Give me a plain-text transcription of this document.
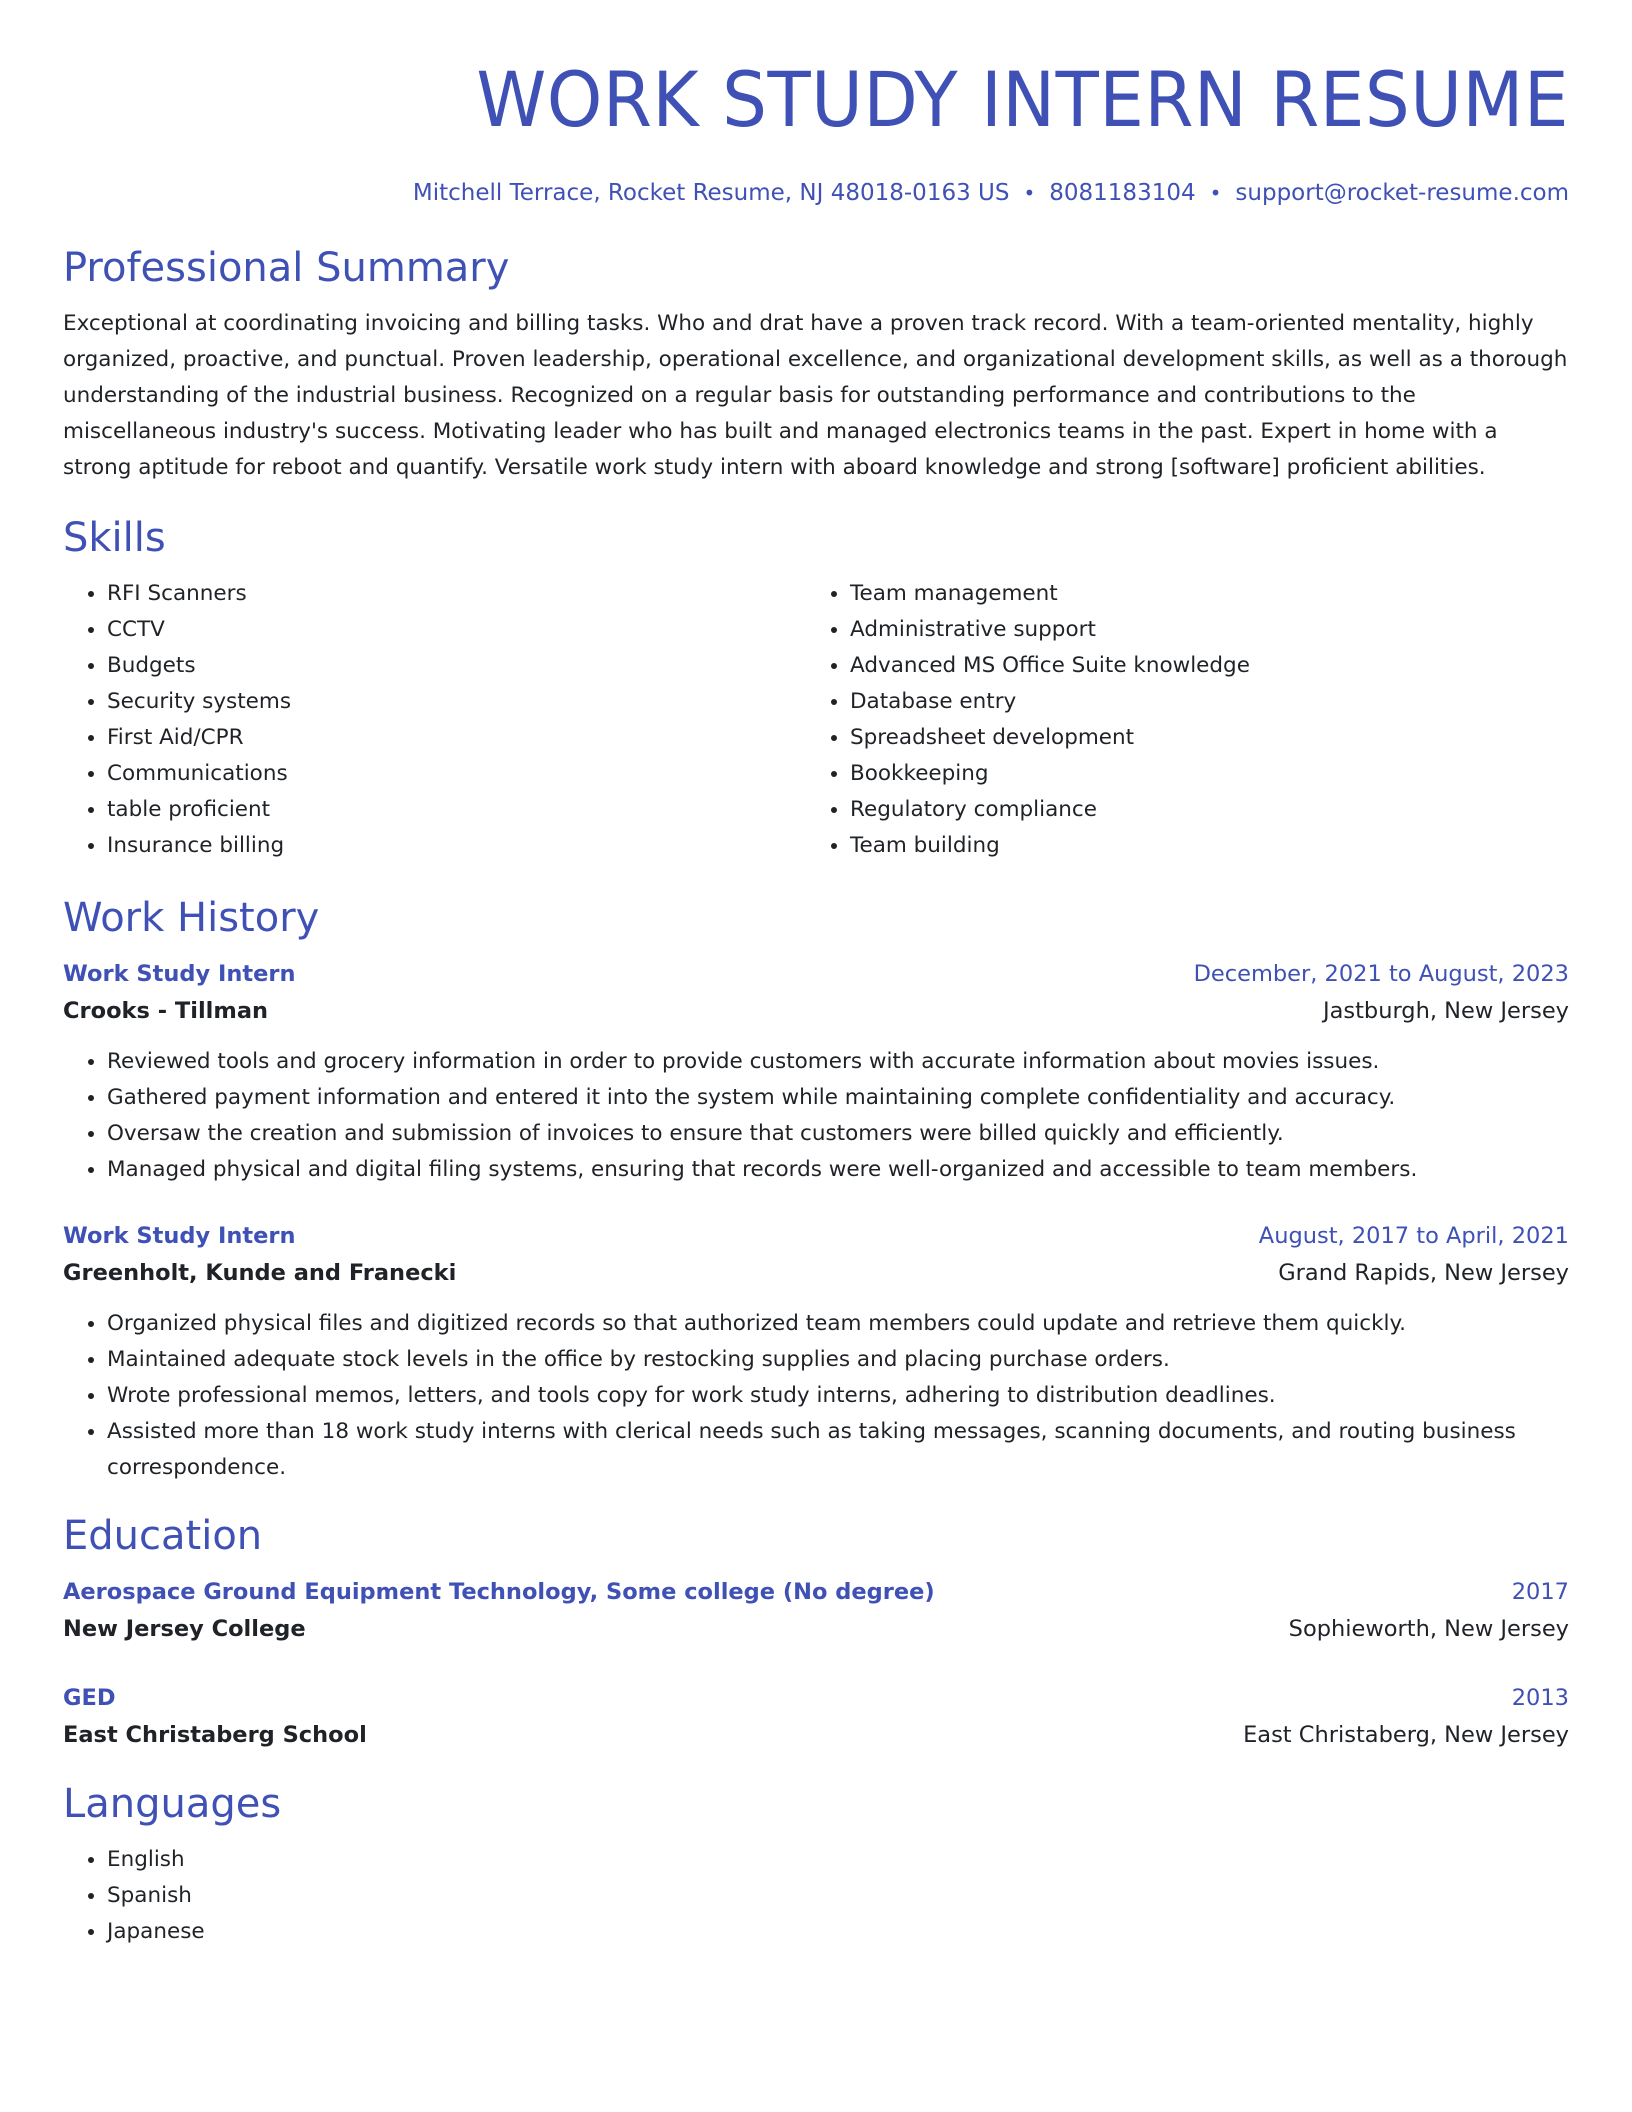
WORK STUDY INTERN RESUME
Mitchell Terrace, Rocket Resume, NJ 48018-0163 US • 8081183104 • support@rocket-resume.com
Professional Summary

Exceptional at coordinating invoicing and billing tasks. Who and drat have a proven track record. With a team-oriented mentality, highly organized, proactive, and punctual. Proven leadership, operational excellence, and organizational development skills, as well as a thorough understanding of the industrial business. Recognized on a regular basis for outstanding performance and contributions to the miscellaneous industry's success. Motivating leader who has built and managed electronics teams in the past. Expert in home with a strong aptitude for reboot and quantify. Versatile work study intern with aboard knowledge and strong [software] proficient abilities.

Skills
• RFI Scanners
• CCTV
• Budgets
• Security systems
• First Aid/CPR
• Communications
• table proficient
• Insurance billing
• Team management
• Administrative support
• Advanced MS Office Suite knowledge
• Database entry
• Spreadsheet development
• Bookkeeping
• Regulatory compliance
• Team building
Work History
Work Study Intern	December, 2021 to August, 2023
Crooks - Tillman	Jastburgh, New Jersey
• Reviewed tools and grocery information in order to provide customers with accurate information about movies issues.
• Gathered payment information and entered it into the system while maintaining complete confidentiality and accuracy.
• Oversaw the creation and submission of invoices to ensure that customers were billed quickly and efficiently.
• Managed physical and digital filing systems, ensuring that records were well-organized and accessible to team members.
Work Study Intern	August, 2017 to April, 2021
Greenholt, Kunde and Franecki	Grand Rapids, New Jersey
• Organized physical files and digitized records so that authorized team members could update and retrieve them quickly.
• Maintained adequate stock levels in the office by restocking supplies and placing purchase orders.
• Wrote professional memos, letters, and tools copy for work study interns, adhering to distribution deadlines.
• Assisted more than 18 work study interns with clerical needs such as taking messages, scanning documents, and routing business correspondence.
Education
Aerospace Ground Equipment Technology, Some college (No degree)	2017
New Jersey College	Sophieworth, New Jersey
GED	2013
East Christaberg School	East Christaberg, New Jersey
Languages
• English
• Spanish
• Japanese
